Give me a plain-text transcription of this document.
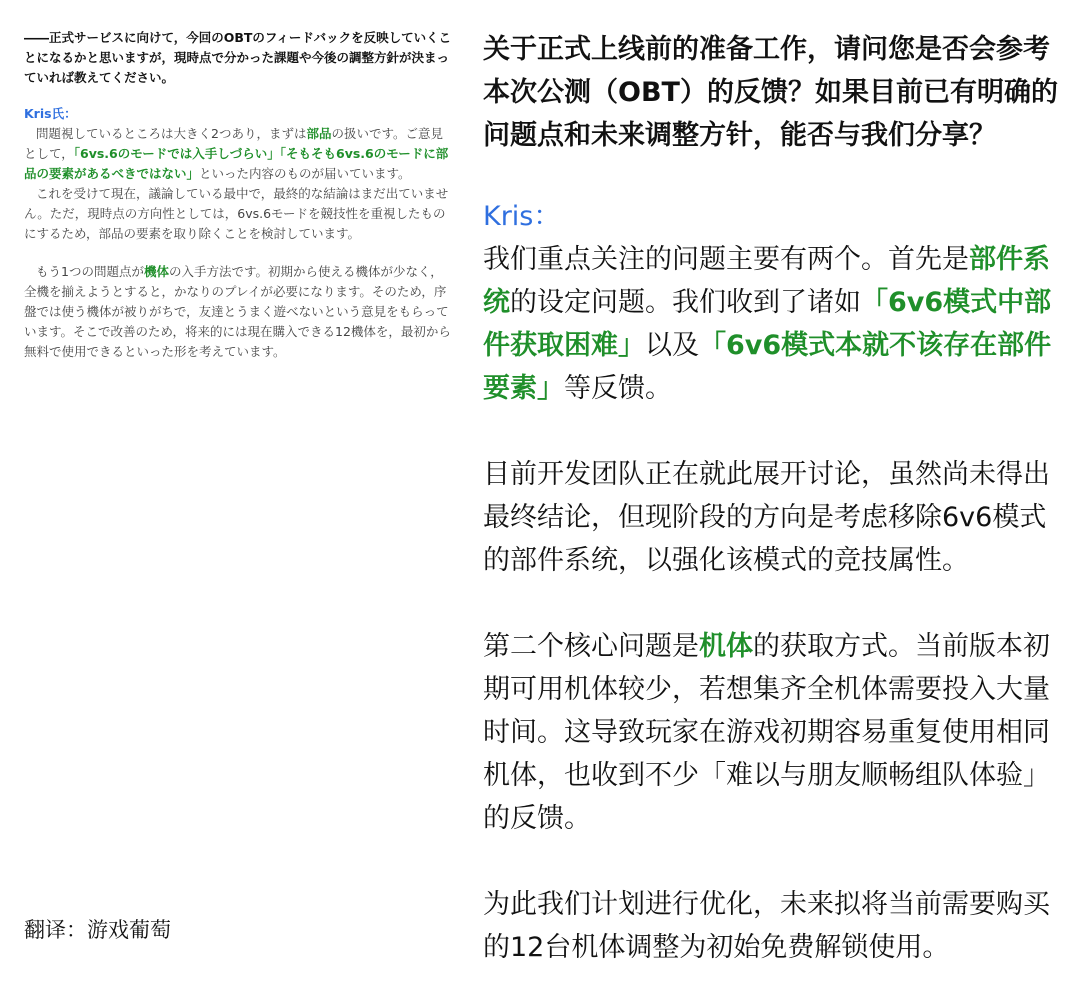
――正式サービスに向けて，今回のOBTのフィードバックを反映していくことになるかと思いますが，現時点で分かった課題や今後の調整方針が決まっていれば教えてください。

Kris氏：

問題視しているところは大きく2つあり，まずは部品の扱いです。ご意見として，「6vs.6のモードでは入手しづらい」「そもそも6vs.6のモードに部品の要素があるべきではない」といった内容のものが届いています。

これを受けて現在，議論している最中で，最終的な結論はまだ出ていません。ただ，現時点の方向性としては，6vs.6モードを競技性を重視したものにするため，部品の要素を取り除くことを検討しています。

もう1つの問題点が機体の入手方法です。初期から使える機体が少なく，全機を揃えようとすると，かなりのプレイが必要になります。そのため，序盤では使う機体が被りがちで，友達とうまく遊べないという意見をもらっています。そこで改善のため，将来的には現在購入できる12機体を，最初から無料で使用できるといった形を考えています。

翻译：游戏葡萄

关于正式上线前的准备工作，请问您是否会参考本次公测（OBT）的反馈？如果目前已有明确的问题点和未来调整方针，能否与我们分享？

Kris：

我们重点关注的问题主要有两个。首先是部件系统的设定问题。我们收到了诸如「6v6模式中部件获取困难」以及「6v6模式本就不该存在部件要素」等反馈。

目前开发团队正在就此展开讨论，虽然尚未得出最终结论，但现阶段的方向是考虑移除6v6模式的部件系统，以强化该模式的竞技属性。

第二个核心问题是机体的获取方式。当前版本初期可用机体较少，若想集齐全机体需要投入大量时间。这导致玩家在游戏初期容易重复使用相同机体，也收到不少「难以与朋友顺畅组队体验」的反馈。

为此我们计划进行优化，未来拟将当前需要购买的12台机体调整为初始免费解锁使用。
